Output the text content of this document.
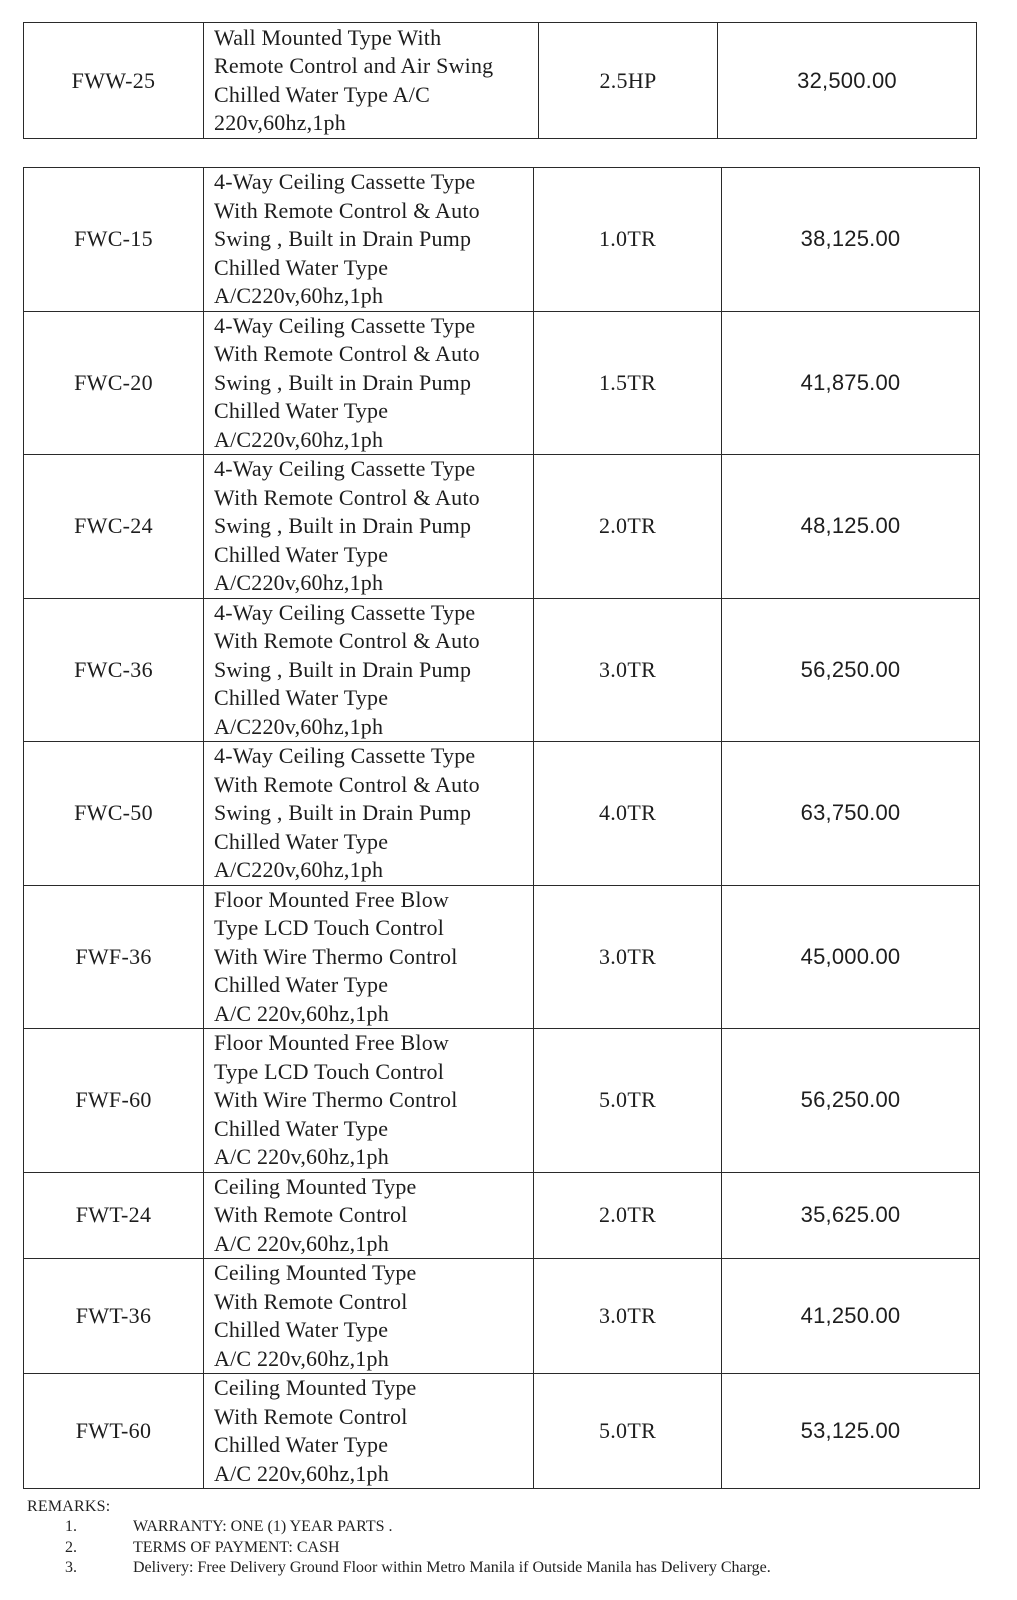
FWW-25	
Wall Mounted Type With
Remote Control and Air Swing
Chilled Water Type A/C
220v,60hz,1ph
	2.5HP	32,500.00
FWC-15	4-Way Ceiling Cassette Type
With Remote Control & Auto
Swing , Built in Drain Pump
Chilled Water Type
A/C220v,60hz,1ph	1.0TR	38,125.00
FWC-20	4-Way Ceiling Cassette Type
With Remote Control & Auto
Swing , Built in Drain Pump
Chilled Water Type
A/C220v,60hz,1ph	1.5TR	41,875.00
FWC-24	4-Way Ceiling Cassette Type
With Remote Control & Auto
Swing , Built in Drain Pump
Chilled Water Type
A/C220v,60hz,1ph	2.0TR	48,125.00
FWC-36	4-Way Ceiling Cassette Type
With Remote Control & Auto
Swing , Built in Drain Pump
Chilled Water Type
A/C220v,60hz,1ph	3.0TR	56,250.00
FWC-50	4-Way Ceiling Cassette Type
With Remote Control & Auto
Swing , Built in Drain Pump
Chilled Water Type
A/C220v,60hz,1ph	4.0TR	63,750.00
FWF-36	Floor Mounted Free Blow
Type LCD Touch Control
With Wire Thermo Control
Chilled Water Type
A/C 220v,60hz,1ph	3.0TR	45,000.00
FWF-60	Floor Mounted Free Blow
Type LCD Touch Control
With Wire Thermo Control
Chilled Water Type
A/C 220v,60hz,1ph	5.0TR	56,250.00
FWT-24	Ceiling Mounted Type
With Remote Control
A/C 220v,60hz,1ph	2.0TR	35,625.00
FWT-36	Ceiling Mounted Type
With Remote Control
Chilled Water Type
A/C 220v,60hz,1ph	3.0TR	41,250.00
FWT-60	Ceiling Mounted Type
With Remote Control
Chilled Water Type
A/C 220v,60hz,1ph	5.0TR	53,125.00
REMARKS:
1.	WARRANTY: ONE (1) YEAR PARTS .
2.	TERMS OF PAYMENT: CASH
3.	Delivery: Free Delivery Ground Floor within Metro Manila if Outside Manila has Delivery Charge.
